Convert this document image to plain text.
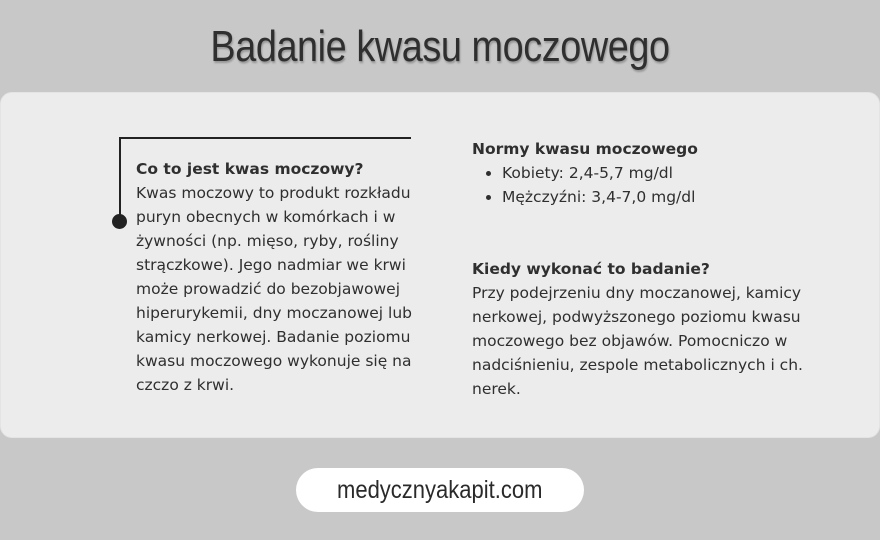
Badanie kwasu moczowego
Co to jest kwas moczowy?
Kwas moczowy to produkt rozkładu puryn obecnych w komórkach i w żywności (np. mięso, ryby, rośliny strączkowe). Jego nadmiar we krwi może prowadzić do bezobjawowej hiperurykemii, dny moczanowej lub kamicy nerkowej. Badanie poziomu kwasu moczowego wykonuje się na czczo z krwi.
Normy kwasu moczowego
• Kobiety: 2,4-5,7 mg/dl
• Mężczyźni: 3,4-7,0 mg/dl
Kiedy wykonać to badanie?
Przy podejrzeniu dny moczanowej, kamicy nerkowej, podwyższonego poziomu kwasu moczowego bez objawów. Pomocniczo w nadciśnieniu, zespole metabolicznych i ch. nerek.
medycznyakapit.com
